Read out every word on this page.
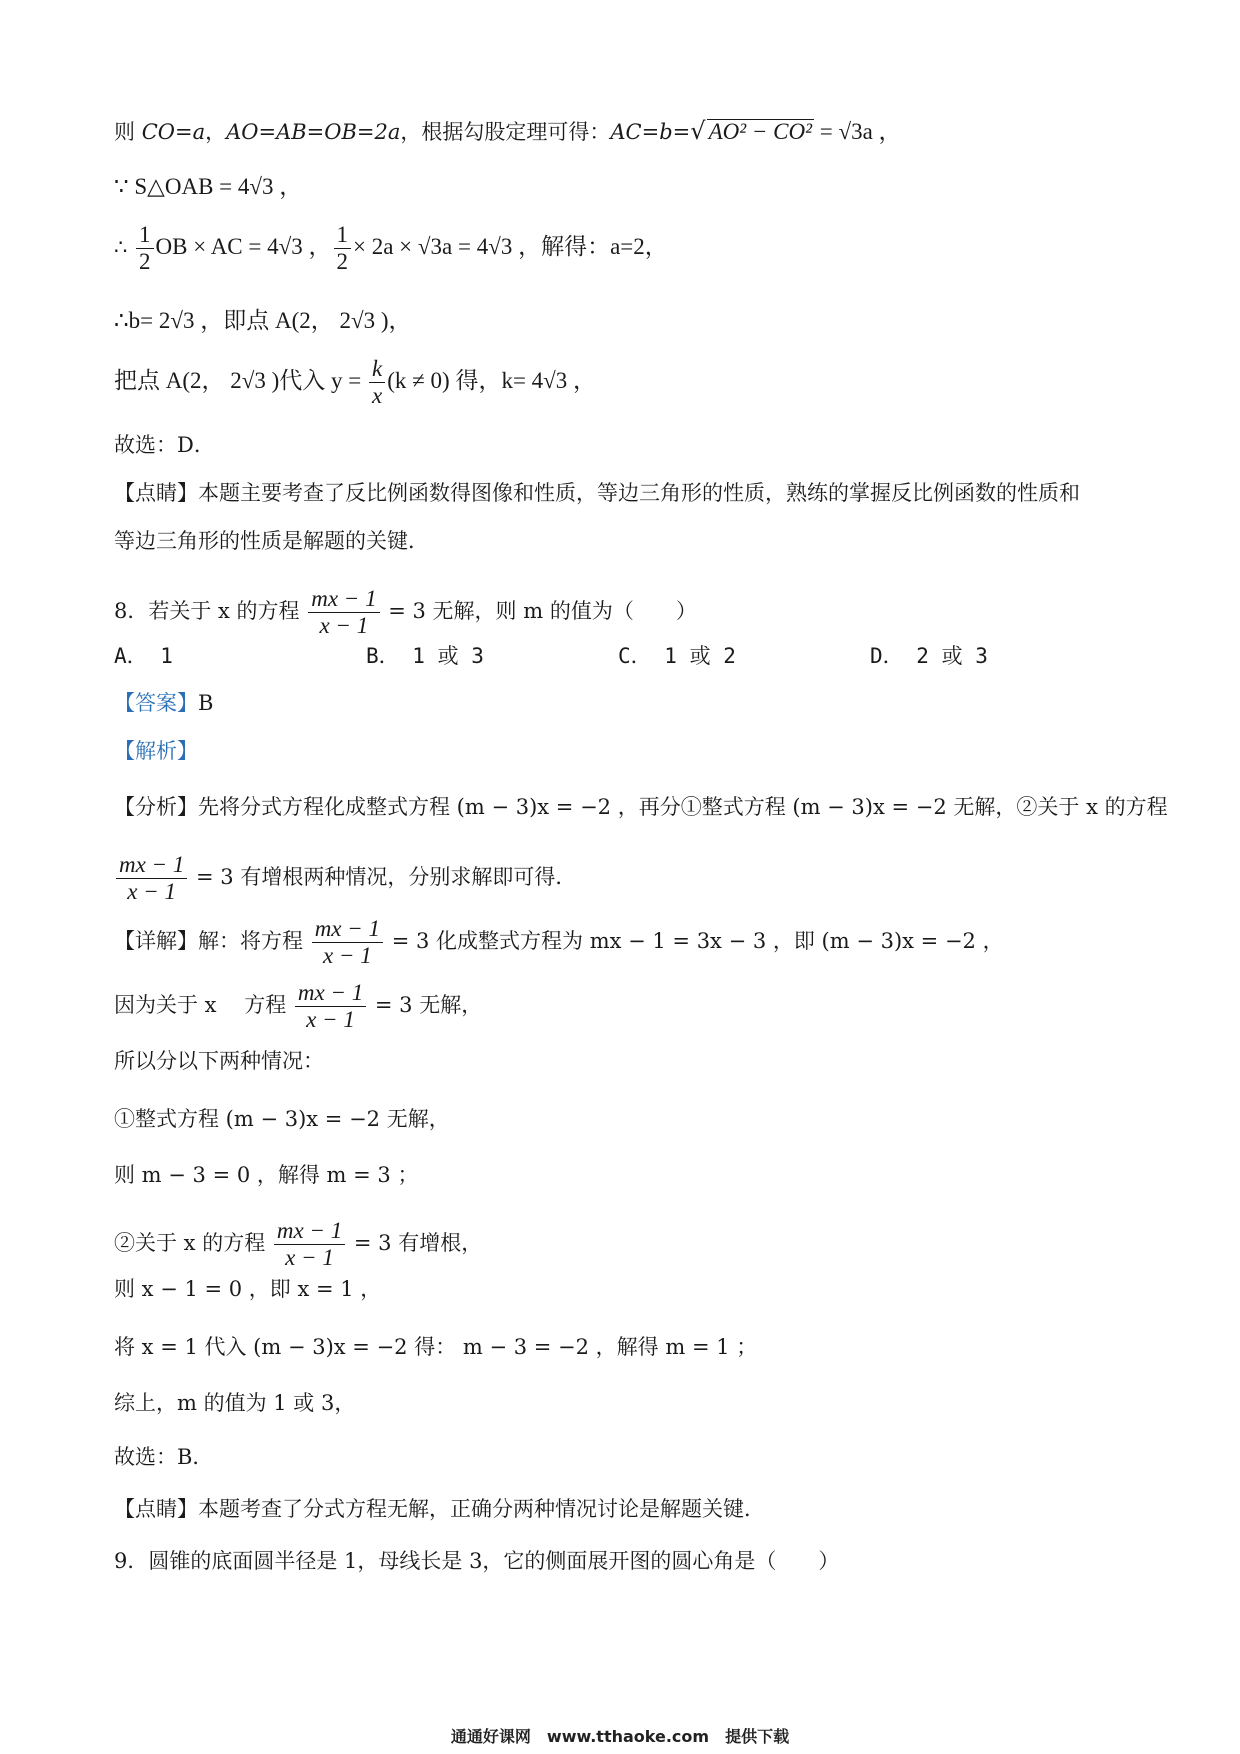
则 CO=a，AO=AB=OB=2a，根据勾股定理可得：AC=b=√ AO² − CO² = √3a ，
∵ S△OAB = 4√3 ，
∴ $\frac{1}{2}$ OB × AC = 4√3 ， $\frac{1}{2} \times 2a \times √3a = 4√3$ ，解得：a=2，
∴b= 2√3 ，即点 A(2， 2√3 )，
把点 A(2， 2√3 )代入 $y = \frac{k}{x} (k \ne 0)$ 得，k= 4√3 ，
故选：D．
【点睛】本题主要考查了反比例函数得图像和性质，等边三角形的性质，熟练的掌握反比例函数的性质和
等边三角形的性质是解题的关键．
8．若关于 x 的方程 $\frac{mx - 1}{x - 1} = 3$ 无解，则 m 的值为（　　）
A． 1	B． 1 或 3	C． 1 或 2	D． 2 或 3
【答案】B
【解析】
【分析】先将分式方程化成整式方程 (m − 3)x = −2 ，再分①整式方程 (m − 3)x = −2 无解，②关于 x 的方程
$\frac{mx - 1}{x - 1} = 3$ 有增根两种情况，分别求解即可得．
【详解】解：将方程 $\frac{mx - 1}{x - 1} = 3$ 化成整式方程为 mx − 1 = 3x − 3 ，即 (m − 3)x = −2 ，
因为关于 x　 方程 $\frac{mx - 1}{x - 1} = 3$ 无解，
所以分以下两种情况：
①整式方程 (m − 3)x = −2 无解，
则 m − 3 = 0 ，解得 m = 3 ；
②关于 x 的方程 $\frac{mx - 1}{x - 1} = 3$ 有增根，
则 x − 1 = 0 ，即 x = 1 ，
将 x = 1 代入 (m − 3)x = −2 得： m − 3 = −2 ，解得 m = 1 ；
综上，m 的值为 1 或 3，
故选：B．
【点睛】本题考查了分式方程无解，正确分两种情况讨论是解题关键．
9．圆锥的底面圆半径是 1，母线长是 3，它的侧面展开图的圆心角是（　　）
通通好课网　www.tthaoke.com　提供下载
